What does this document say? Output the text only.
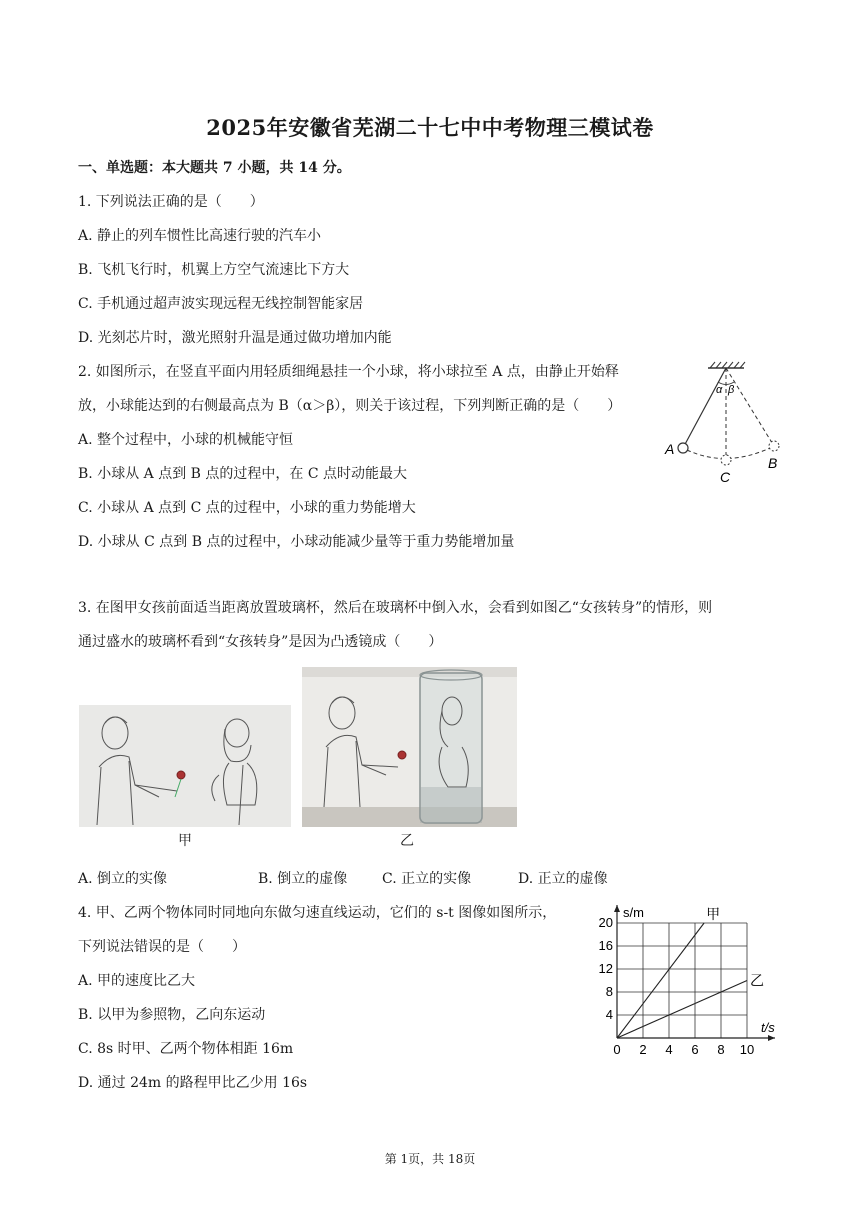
2025年安徽省芜湖二十七中中考物理三模试卷
一、单选题：本大题共 7 小题，共 14 分。
1. 下列说法正确的是（　　）
A. 静止的列车惯性比高速行驶的汽车小
B. 飞机飞行时，机翼上方空气流速比下方大
C. 手机通过超声波实现远程无线控制智能家居
D. 光刻芯片时，激光照射升温是通过做功增加内能
2. 如图所示，在竖直平面内用轻质细绳悬挂一个小球，将小球拉至 A 点，由静止开始释
放，小球能达到的右侧最高点为 B（α＞β），则关于该过程，下列判断正确的是（　　）
A. 整个过程中，小球的机械能守恒
B. 小球从 A 点到 B 点的过程中，在 C 点时动能最大
C. 小球从 A 点到 C 点的过程中，小球的重力势能增大
D. 小球从 C 点到 B 点的过程中，小球动能减少量等于重力势能增加量
α β
A
B
C
3. 在图甲女孩前面适当距离放置玻璃杯，然后在玻璃杯中倒入水，会看到如图乙“女孩转身”的情形，则
通过盛水的玻璃杯看到“女孩转身”是因为凸透镜成（　　）
甲	乙
A. 倒立的实像	B. 倒立的虚像 C. 正立的实像	D. 正立的虚像
4. 甲、乙两个物体同时同地向东做匀速直线运动，它们的 s-t 图像如图所示，
下列说法错误的是（　　）
A. 甲的速度比乙大
B. 以甲为参照物，乙向东运动
C. 8s 时甲、乙两个物体相距 16m
D. 通过 24m 的路程甲比乙少用 16s
0 2 4 6 8 10
4
8
12
16
20
甲
乙
t/s
s/m
第 1页，共 18页
